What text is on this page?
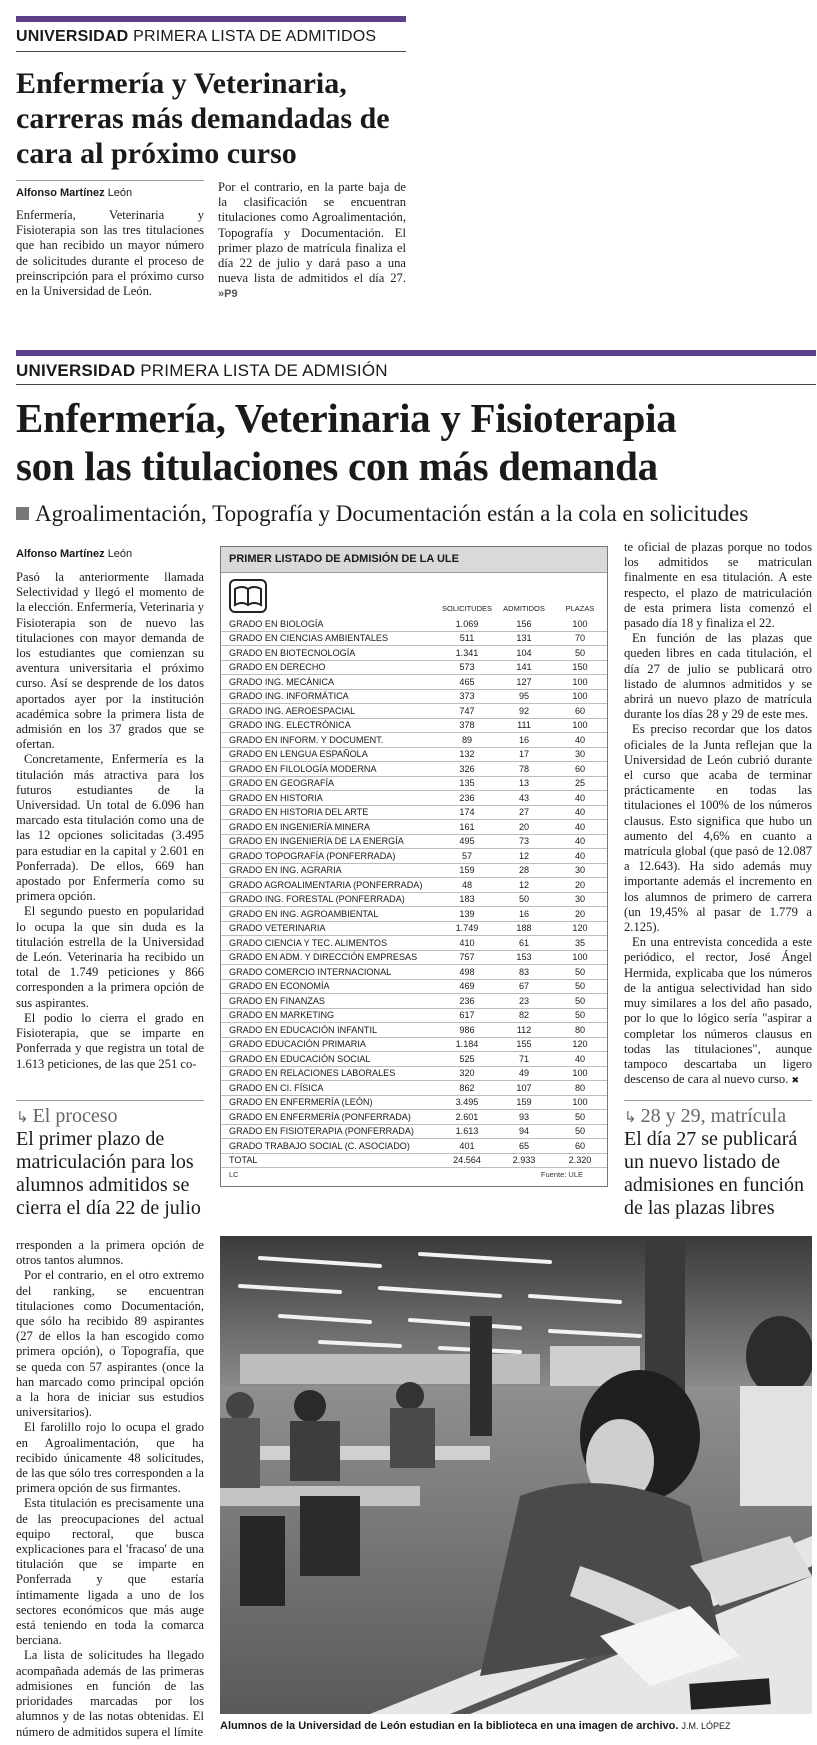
UNIVERSIDAD PRIMERA LISTA DE ADMITIDOS
Enfermería y Veterinaria, carreras más demandadas de cara al próximo curso
Alfonso Martínez León

Enfermería, Veterinaria y Fisioterapia son las tres titulaciones que han recibido un mayor número de solicitudes durante el proceso de preinscripción para el próximo curso en la Universidad de León.

Por el contrario, en la parte baja de la clasificación se encuentran titulaciones como Agroalimentación, Topografía y Documentación. El primer plazo de matrícula finaliza el día 22 de julio y dará paso a una nueva lista de admitidos el día 27. »P9

UNIVERSIDAD PRIMERA LISTA DE ADMISIÓN
Enfermería, Veterinaria y Fisioterapia
son las titulaciones con más demanda
Agroalimentación, Topografía y Documentación están a la cola en solicitudes
Alfonso Martínez León

Pasó la anteriormente llamada Selectividad y llegó el momento de la elección. Enfermería, Veterinaria y Fisioterapia son de nuevo las titulaciones con mayor demanda de los estudiantes que comienzan su aventura universitaria el próximo curso. Así se desprende de los datos aportados ayer por la institución académica sobre la primera lista de admisión en los 37 grados que se ofertan.

Concretamente, Enfermería es la titulación más atractiva para los futuros estudiantes de la Universidad. Un total de 6.096 han marcado esta titulación como una de las 12 opciones solicitadas (3.495 para estudiar en la capital y 2.601 en Ponferrada). De ellos, 669 han apostado por Enfermería como su primera opción.

El segundo puesto en popularidad lo ocupa la que sin duda es la titulación estrella de la Universidad de León. Veterinaria ha recibido un total de 1.749 peticiones y 866 corresponden a la primera opción de sus aspirantes.

El podio lo cierra el grado en Fisioterapia, que se imparte en Ponferrada y que registra un total de 1.613 peticiones, de las que 251 co-

↳ El proceso
El primer plazo de matriculación para los alumnos admitidos se cierra el día 22 de julio

rresponden a la primera opción de otros tantos alumnos.

Por el contrario, en el otro extremo del ranking, se encuentran titulaciones como Documentación, que sólo ha recibido 89 aspirantes (27 de ellos la han escogido como primera opción), o Topografía, que se queda con 57 aspirantes (once la han marcado como principal opción a la hora de iniciar sus estudios universitarios).

El farolillo rojo lo ocupa el grado en Agroalimentación, que ha recibido únicamente 48 solicitudes, de las que sólo tres corresponden a la primera opción de sus firmantes.

Esta titulación es precisamente una de las preocupaciones del actual equipo rectoral, que busca explicaciones para el 'fracaso' de una titulación que se imparte en Ponferrada y que estaría íntimamente ligada a uno de los sectores económicos que más auge está teniendo en toda la comarca berciana.

La lista de solicitudes ha llegado acompañada además de las primeras admisiones en función de las prioridades marcadas por los alumnos y de las notas obtenidas. El número de admitidos supera el límite

PRIMER LISTADO DE ADMISIÓN DE LA ULE
SOLICITUDES	ADMITIDOS	PLAZAS
GRADO EN BIOLOGÍA	1.069	156	100
GRADO EN CIENCIAS AMBIENTALES	511	131	70
GRADO EN BIOTECNOLOGÍA	1.341	104	50
GRADO EN DERECHO	573	141	150
GRADO ING. MECÁNICA	465	127	100
GRADO ING. INFORMÁTICA	373	95	100
GRADO ING. AEROESPACIAL	747	92	60
GRADO ING. ELECTRÓNICA	378	111	100
GRADO EN INFORM. Y DOCUMENT.	89	16	40
GRADO EN LENGUA ESPAÑOLA	132	17	30
GRADO EN FILOLOGÍA MODERNA	326	78	60
GRADO EN GEOGRAFÍA	135	13	25
GRADO EN HISTORIA	236	43	40
GRADO EN HISTORIA DEL ARTE	174	27	40
GRADO EN INGENIERÍA MINERA	161	20	40
GRADO EN INGENIERÍA DE LA ENERGÍA	495	73	40
GRADO TOPOGRAFÍA (PONFERRADA)	57	12	40
GRADO EN ING. AGRARIA	159	28	30
GRADO AGROALIMENTARIA (PONFERRADA)	48	12	20
GRADO ING. FORESTAL (PONFERRADA)	183	50	30
GRADO EN ING. AGROAMBIENTAL	139	16	20
GRADO VETERINARIA	1.749	188	120
GRADO CIENCIA Y TEC. ALIMENTOS	410	61	35
GRADO EN ADM. Y DIRECCIÓN EMPRESAS	757	153	100
GRADO COMERCIO INTERNACIONAL	498	83	50
GRADO EN ECONOMÍA	469	67	50
GRADO EN FINANZAS	236	23	50
GRADO EN MARKETING	617	82	50
GRADO EN EDUCACIÓN INFANTIL	986	112	80
GRADO EDUCACIÓN PRIMARIA	1.184	155	120
GRADO EN EDUCACIÓN SOCIAL	525	71	40
GRADO EN RELACIONES LABORALES	320	49	100
GRADO EN CI. FÍSICA	862	107	80
GRADO EN ENFERMERÍA (LEÓN)	3.495	159	100
GRADO EN ENFERMERÍA (PONFERRADA)	2.601	93	50
GRADO EN FISIOTERAPIA (PONFERRADA)	1.613	94	50
GRADO TRABAJO SOCIAL (C. ASOCIADO)	401	65	60
TOTAL	24.564	2.933	2.320
LC	Fuente: ULE

te oficial de plazas porque no todos los admitidos se matriculan finalmente en esa titulación. A este respecto, el plazo de matriculación de esta primera lista comenzó el pasado día 18 y finaliza el 22.

En función de las plazas que queden libres en cada titulación, el día 27 de julio se publicará otro listado de alumnos admitidos y se abrirá un nuevo plazo de matrícula durante los días 28 y 29 de este mes.

Es preciso recordar que los datos oficiales de la Junta reflejan que la Universidad de León cubrió durante el curso que acaba de terminar prácticamente en todas las titulaciones el 100% de los números clausus. Esto significa que hubo un aumento del 4,6% en cuanto a matrícula global (que pasó de 12.087 a 12.643). Ha sido además muy importante además el incremento en los alumnos de primero de carrera (un 19,45% al pasar de 1.779 a 2.125).

En una entrevista concedida a este periódico, el rector, José Ángel Hermida, explicaba que los números de la antigua selectividad han sido muy similares a los del año pasado, por lo que lo lógico sería "aspirar a completar los números clausus en todas las titulaciones", aunque tampoco descartaba un ligero descenso de cara al nuevo curso. ✖

↳ 28 y 29, matrícula
El día 27 se publicará un nuevo listado de admisiones en función de las plazas libres
Alumnos de la Universidad de León estudian en la biblioteca en una imagen de archivo. J.M. LÓPEZ
